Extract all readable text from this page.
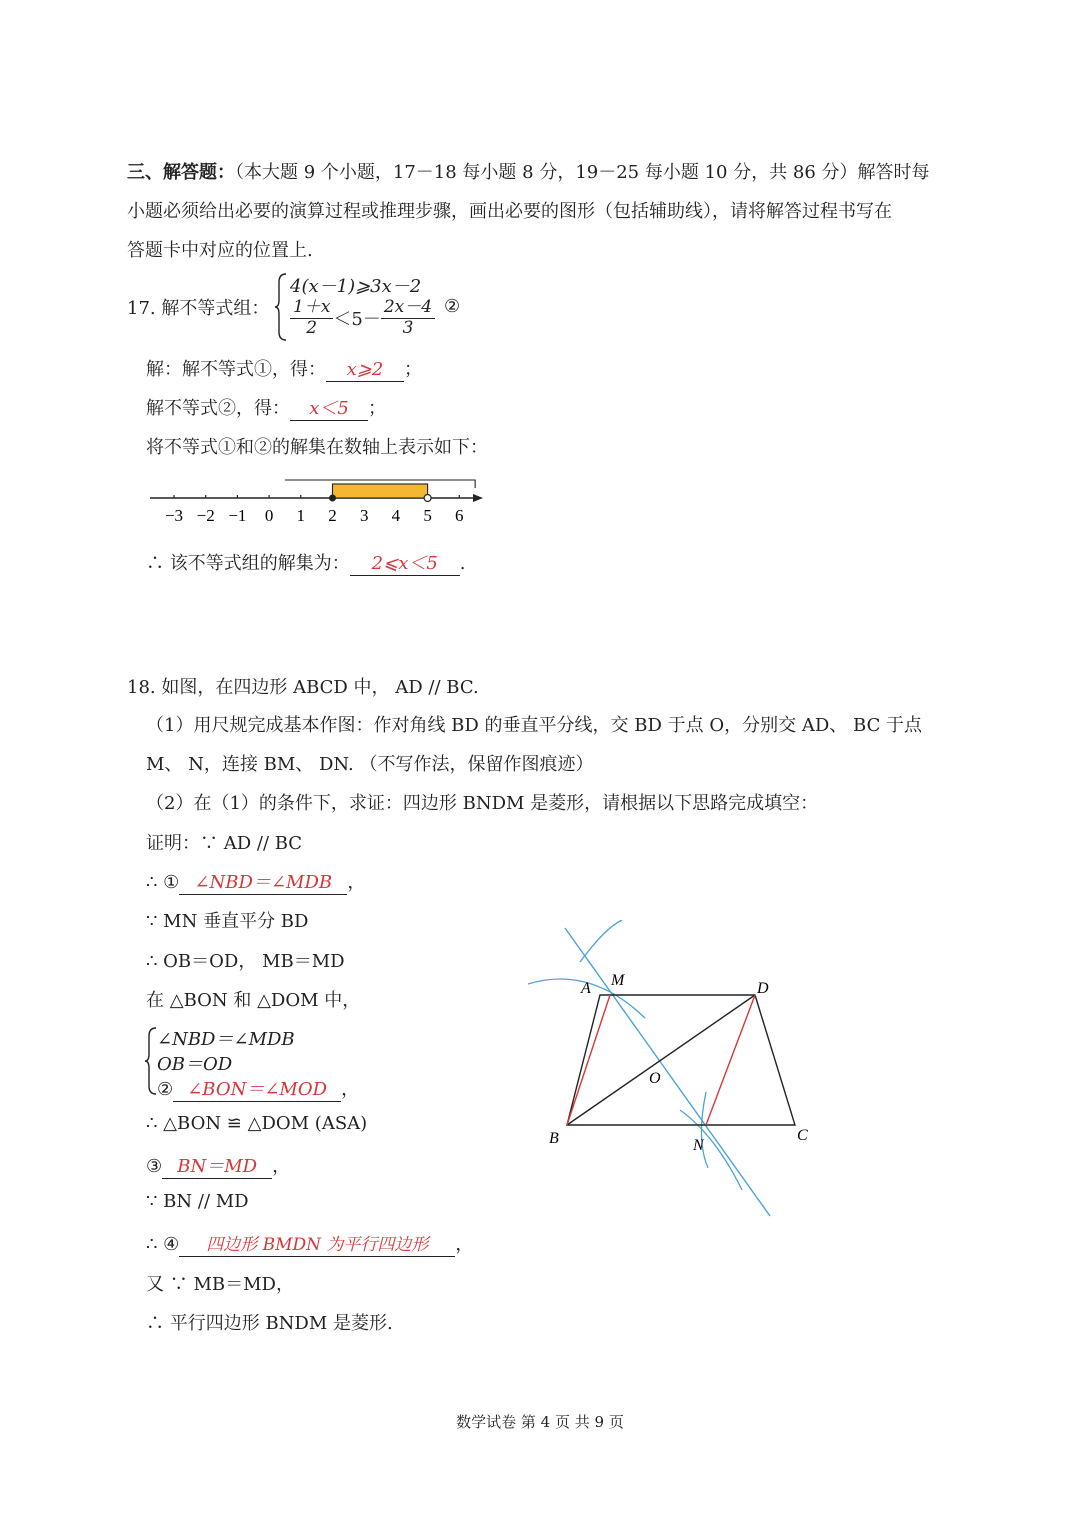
三、解答题：（本大题 9 个小题，17－18 每小题 8 分，19－25 每小题 10 分，共 86 分）解答时每
小题必须给出必要的演算过程或推理步骤，画出必要的图形（包括辅助线），请将解答过程书写在
答题卡中对应的位置上.
17. 解不等式组：
4(x－1)⩾3x－2
$\frac{1+x}{2} <5- \frac{2x-4}{3}$ ②
解：解不等式①，得： x⩾2 ；
解不等式②，得： x＜5 ；
将不等式①和②的解集在数轴上表示如下：
−3 −2 −1 0 1 2 3 4 5 6
∴ 该不等式组的解集为： 2⩽x＜5 .
18. 如图，在四边形 ABCD 中， AD // BC.
（1）用尺规完成基本作图：作对角线 BD 的垂直平分线，交 BD 于点 O，分别交 AD、 BC 于点
M、 N，连接 BM、 DN. （不写作法，保留作图痕迹）
（2）在（1）的条件下，求证：四边形 BNDM 是菱形，请根据以下思路完成填空：
证明：∵ AD // BC
∴ ① ∠NBD＝∠MDB ，
∵ MN 垂直平分 BD
∴ OB＝OD， MB＝MD
在 △BON 和 △DOM 中，
∠NBD＝∠MDB
OB＝OD
② ∠BON＝∠MOD ，
∴ △BON ≌ △DOM (ASA)
③ BN＝MD ，
∵ BN // MD
∴ ④ 四边形 BMDN 为平行四边形 ，
又 ∵ MB＝MD，
∴ 平行四边形 BNDM 是菱形.
A M	D
O
B	N
C
数学试卷 第 4 页 共 9 页
